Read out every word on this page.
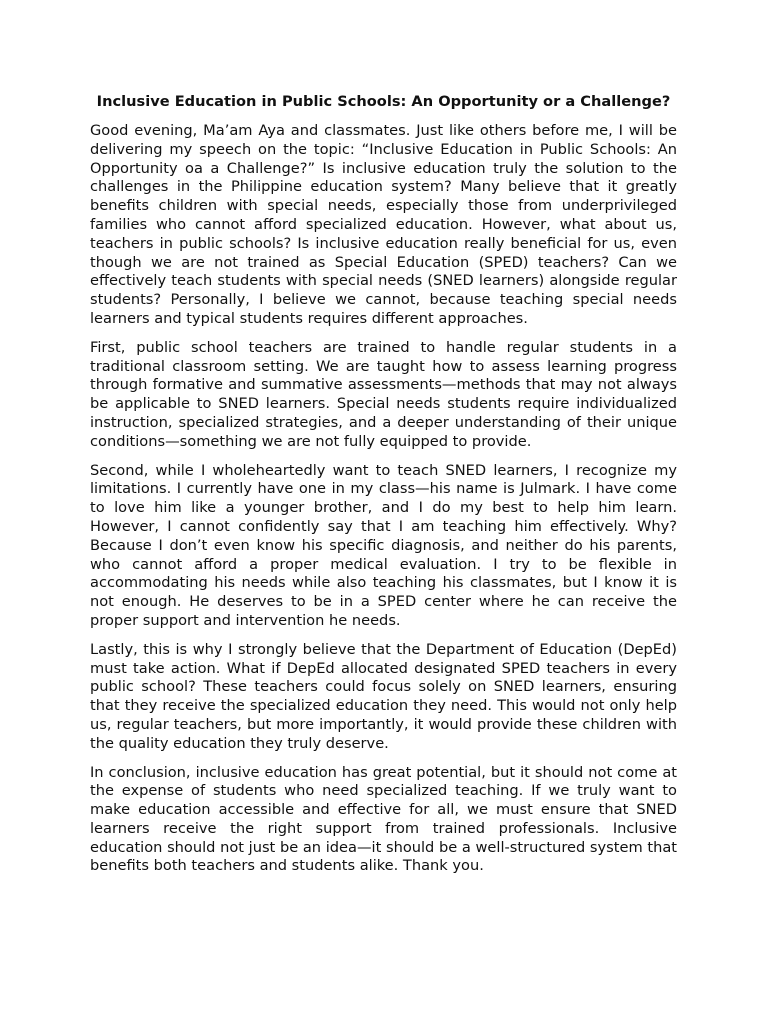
Inclusive Education in Public Schools: An Opportunity or a Challenge?

Good evening, Ma’am Aya and classmates. Just like others before me, I will be delivering my speech on the topic: “Inclusive Education in Public Schools: An Opportunity oa a Challenge?” Is inclusive education truly the solution to the challenges in the Philippine education system? Many believe that it greatly benefits children with special needs, especially those from underprivileged families who cannot afford specialized education. However, what about us, teachers in public schools? Is inclusive education really beneficial for us, even though we are not trained as Special Education (SPED) teachers? Can we effectively teach students with special needs (SNED learners) alongside regular students? Personally, I believe we cannot, because teaching special needs learners and typical students requires different approaches.

First, public school teachers are trained to handle regular students in a traditional classroom setting. We are taught how to assess learning progress through formative and summative assessments—methods that may not always be applicable to SNED learners. Special needs students require individualized instruction, specialized strategies, and a deeper understanding of their unique conditions—something we are not fully equipped to provide.

Second, while I wholeheartedly want to teach SNED learners, I recognize my limitations. I currently have one in my class—his name is Julmark. I have come to love him like a younger brother, and I do my best to help him learn. However, I cannot confidently say that I am teaching him effectively. Why? Because I don’t even know his specific diagnosis, and neither do his parents, who cannot afford a proper medical evaluation. I try to be flexible in accommodating his needs while also teaching his classmates, but I know it is not enough. He deserves to be in a SPED center where he can receive the proper support and intervention he needs.

Lastly, this is why I strongly believe that the Department of Education (DepEd) must take action. What if DepEd allocated designated SPED teachers in every public school? These teachers could focus solely on SNED learners, ensuring that they receive the specialized education they need. This would not only help us, regular teachers, but more importantly, it would provide these children with the quality education they truly deserve.

In conclusion, inclusive education has great potential, but it should not come at the expense of students who need specialized teaching. If we truly want to make education accessible and effective for all, we must ensure that SNED learners receive the right support from trained professionals. Inclusive education should not just be an idea—it should be a well-structured system that benefits both teachers and students alike. Thank you.
